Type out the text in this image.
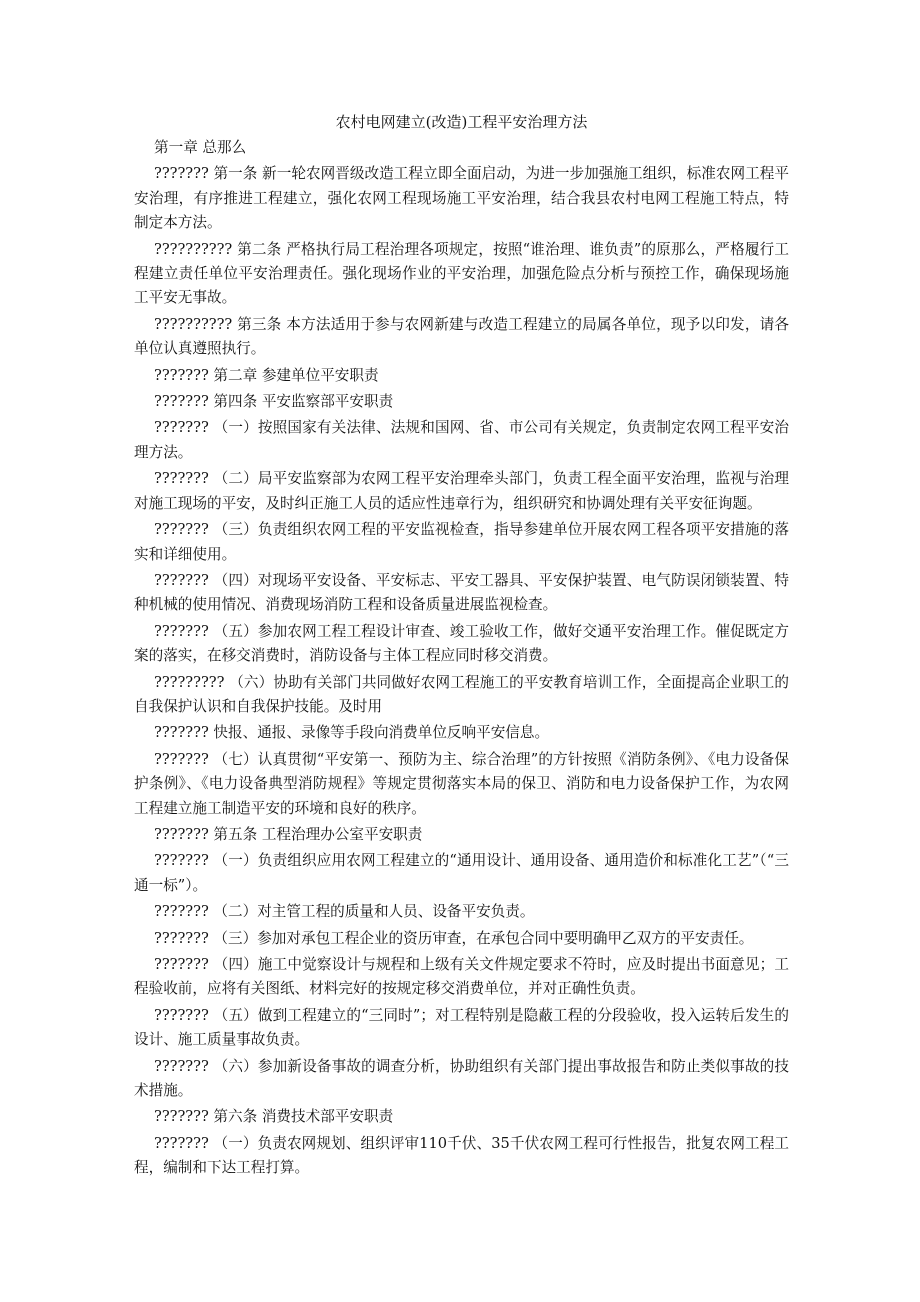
农村电网建立(改造)工程平安治理方法

第一章 总那么

??????? 第一条 新一轮农网晋级改造工程立即全面启动，为进一步加强施工组织，标准农网工程平安治理，有序推进工程建立，强化农网工程现场施工平安治理，结合我县农村电网工程施工特点，特制定本方法。

?????????? 第二条 严格执行局工程治理各项规定，按照“谁治理、谁负责”的原那么，严格履行工程建立责任单位平安治理责任。强化现场作业的平安治理，加强危险点分析与预控工作，确保现场施工平安无事故。

?????????? 第三条 本方法适用于参与农网新建与改造工程建立的局属各单位，现予以印发，请各单位认真遵照执行。

??????? 第二章 参建单位平安职责

??????? 第四条 平安监察部平安职责

??????? （一）按照国家有关法律、法规和国网、省、市公司有关规定，负责制定农网工程平安治理方法。

??????? （二）局平安监察部为农网工程平安治理牵头部门，负责工程全面平安治理，监视与治理对施工现场的平安，及时纠正施工人员的适应性违章行为，组织研究和协调处理有关平安征询题。

??????? （三）负责组织农网工程的平安监视检查，指导参建单位开展农网工程各项平安措施的落实和详细使用。

??????? （四）对现场平安设备、平安标志、平安工器具、平安保护装置、电气防误闭锁装置、特种机械的使用情况、消费现场消防工程和设备质量进展监视检查。

??????? （五）参加农网工程工程设计审查、竣工验收工作，做好交通平安治理工作。催促既定方案的落实，在移交消费时，消防设备与主体工程应同时移交消费。

????????? （六）协助有关部门共同做好农网工程施工的平安教育培训工作，全面提高企业职工的自我保护认识和自我保护技能。及时用

??????? 快报、通报、录像等手段向消费单位反响平安信息。

??????? （七）认真贯彻“平安第一、预防为主、综合治理”的方针按照《消防条例》、《电力设备保护条例》、《电力设备典型消防规程》等规定贯彻落实本局的保卫、消防和电力设备保护工作，为农网工程建立施工制造平安的环境和良好的秩序。

??????? 第五条 工程治理办公室平安职责

??????? （一）负责组织应用农网工程建立的“通用设计、通用设备、通用造价和标准化工艺”（“三通一标”）。

??????? （二）对主管工程的质量和人员、设备平安负责。

??????? （三）参加对承包工程企业的资历审查，在承包合同中要明确甲乙双方的平安责任。

??????? （四）施工中觉察设计与规程和上级有关文件规定要求不符时，应及时提出书面意见；工程验收前，应将有关图纸、材料完好的按规定移交消费单位，并对正确性负责。

??????? （五）做到工程建立的“三同时”；对工程特别是隐蔽工程的分段验收，投入运转后发生的设计、施工质量事故负责。

??????? （六）参加新设备事故的调查分析，协助组织有关部门提出事故报告和防止类似事故的技术措施。

??????? 第六条 消费技术部平安职责

??????? （一）负责农网规划、组织评审110千伏、35千伏农网工程可行性报告，批复农网工程工程，编制和下达工程打算。
